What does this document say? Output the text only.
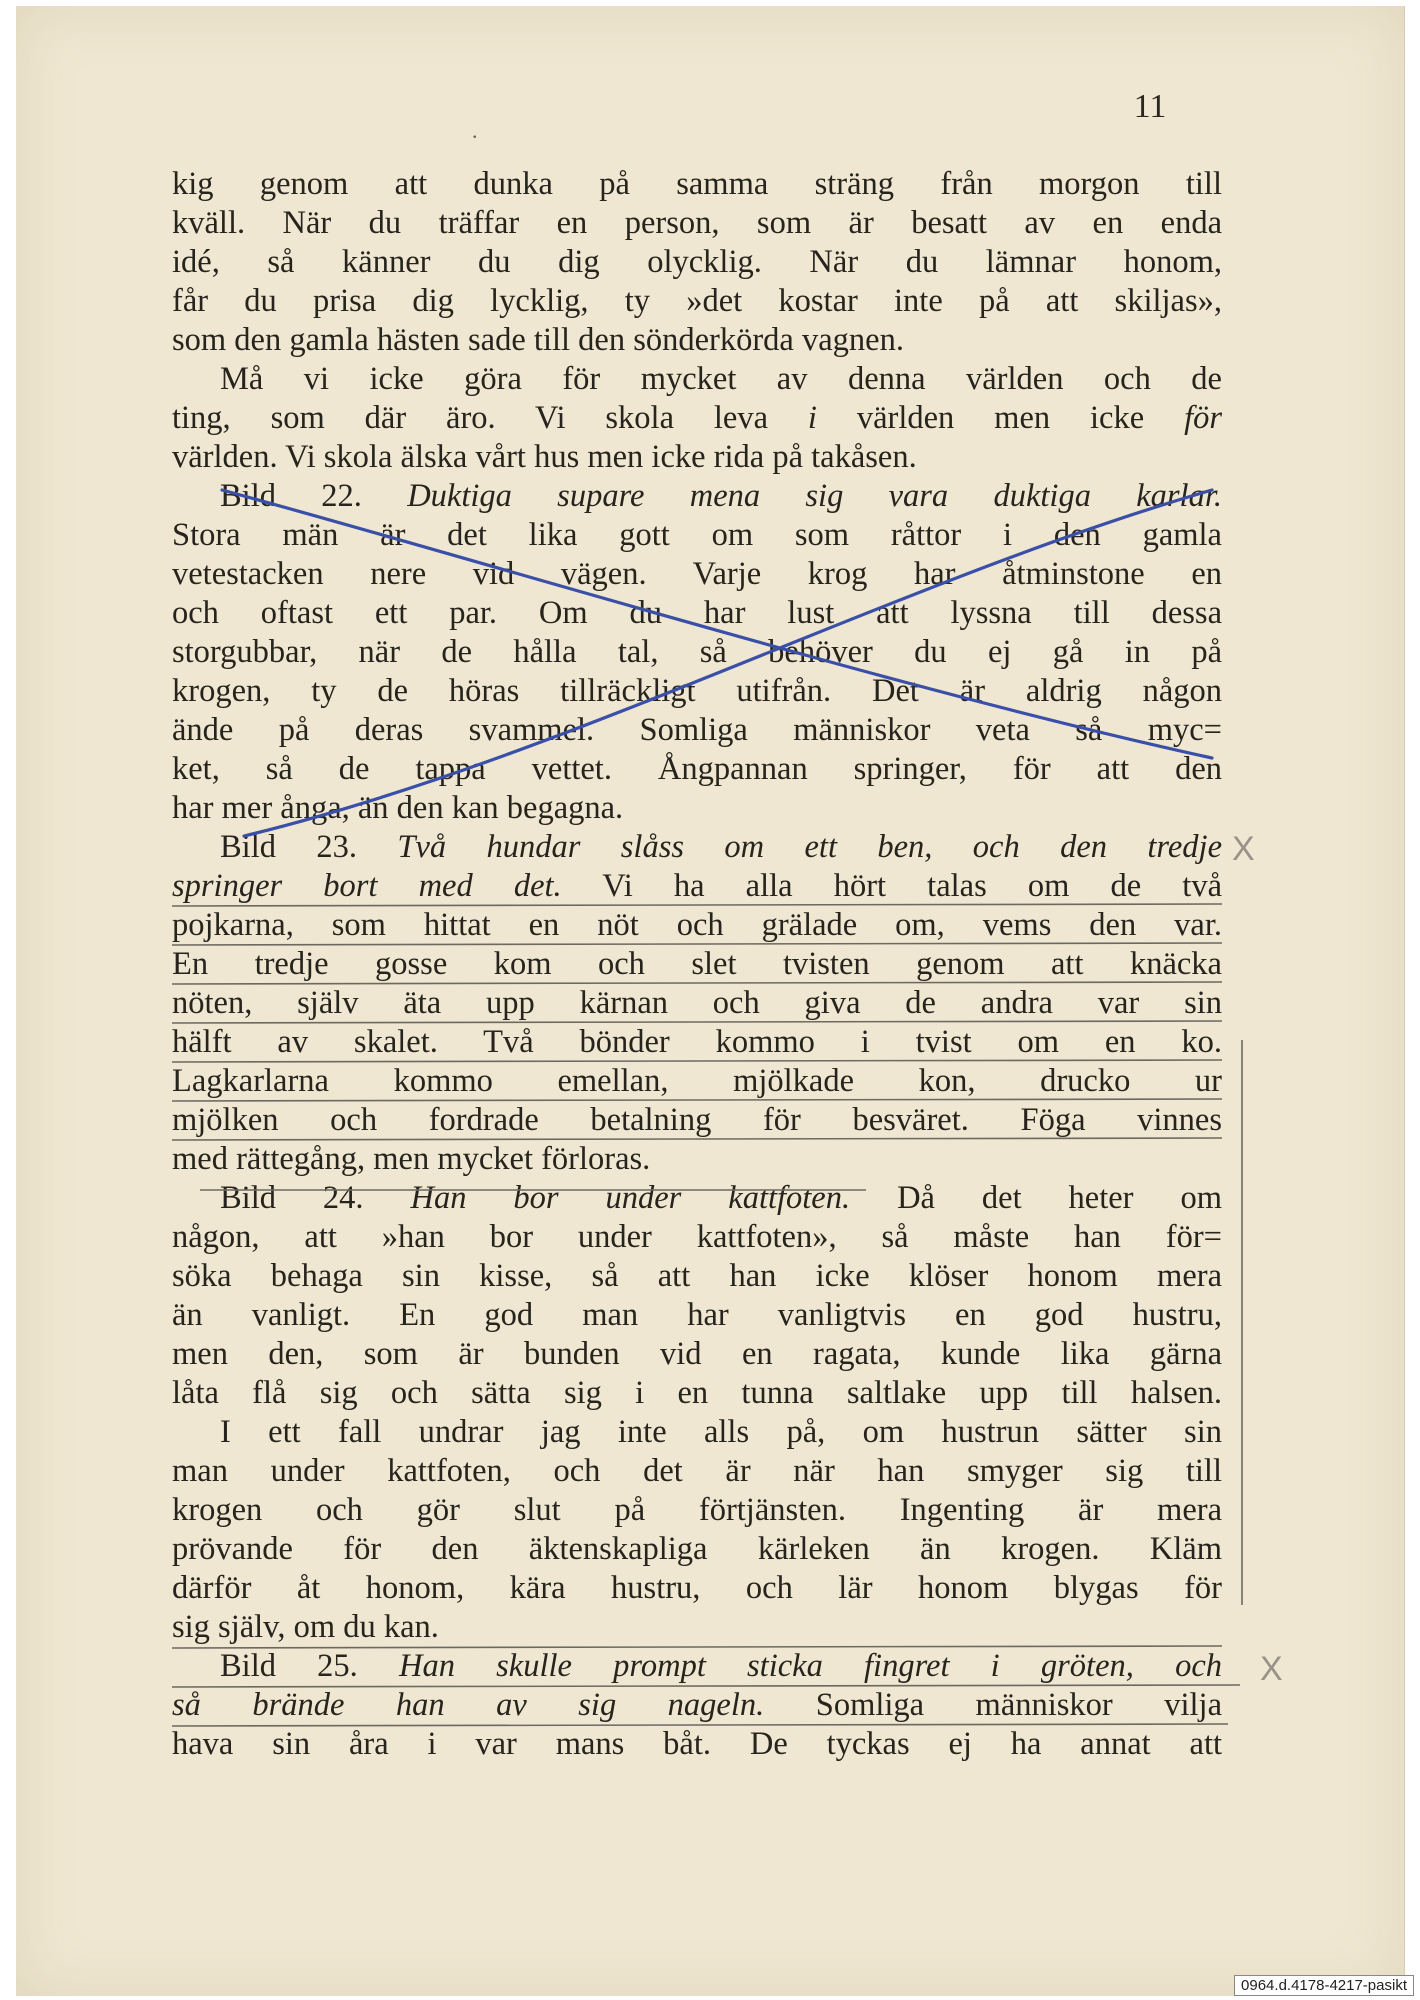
.
11
kig genom att dunka på samma sträng från morgon till
kväll. När du träffar en person, som är besatt av en enda
idé, så känner du dig olycklig. När du lämnar honom,
får du prisa dig lycklig, ty »det kostar inte på att skiljas»,
som den gamla hästen sade till den sönderkörda vagnen.
Må vi icke göra för mycket av denna världen och de
ting, som där äro. Vi skola leva i världen men icke för
världen. Vi skola älska vårt hus men icke rida på takåsen.
Bild 22. Duktiga supare mena sig vara duktiga karlar.
Stora män är det lika gott om som råttor i den gamla
vetestacken nere vid vägen. Varje krog har åtminstone en
och oftast ett par. Om du har lust att lyssna till dessa
storgubbar, när de hålla tal, så behöver du ej gå in på
krogen, ty de höras tillräckligt utifrån. Det är aldrig någon
ände på deras svammel. Somliga människor veta så myc=
ket, så de tappa vettet. Ångpannan springer, för att den
har mer ånga, än den kan begagna.
Bild 23. Två hundar slåss om ett ben, och den tredje
springer bort med det. Vi ha alla hört talas om de två
pojkarna, som hittat en nöt och grälade om, vems den var.
En tredje gosse kom och slet tvisten genom att knäcka
nöten, själv äta upp kärnan och giva de andra var sin
hälft av skalet. Två bönder kommo i tvist om en ko.
Lagkarlarna kommo emellan, mjölkade kon, drucko ur
mjölken och fordrade betalning för besväret. Föga vinnes
med rättegång, men mycket förloras.
Bild 24. Han bor under kattfoten. Då det heter om
någon, att »han bor under kattfoten», så måste han för=
söka behaga sin kisse, så att han icke klöser honom mera
än vanligt. En god man har vanligtvis en god hustru,
men den, som är bunden vid en ragata, kunde lika gärna
låta flå sig och sätta sig i en tunna saltlake upp till halsen.
I ett fall undrar jag inte alls på, om hustrun sätter sin
man under kattfoten, och det är när han smyger sig till
krogen och gör slut på förtjänsten. Ingenting är mera
prövande för den äktenskapliga kärleken än krogen. Kläm
därför åt honom, kära hustru, och lär honom blygas för
sig själv, om du kan.
Bild 25. Han skulle prompt sticka fingret i gröten, och
så brände han av sig nageln. Somliga människor vilja
hava sin åra i var mans båt. De tyckas ej ha annat att
X
X
0964.d.4178-4217-pasikt
